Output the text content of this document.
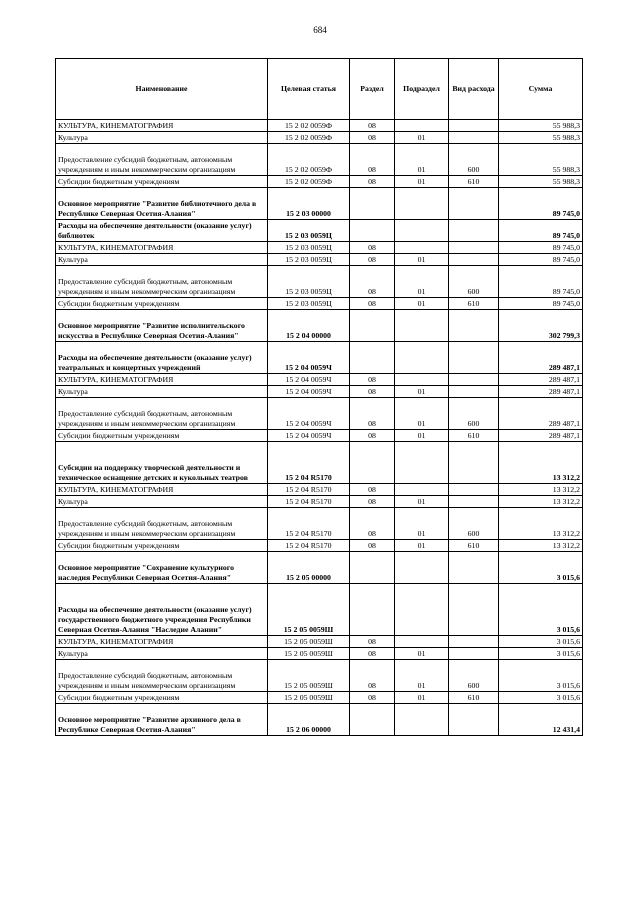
684
Наименование	Целевая статья	Раздел	Подраздел	Вид расхода	Сумма
КУЛЬТУРА, КИНЕМАТОГРАФИЯ	15 2 02 0059Ф	08			55 988,3
Культура	15 2 02 0059Ф	08	01		55 988,3
Предоставление субсидий бюджетным, автономным учреждениям и иным некоммерческим организациям	15 2 02 0059Ф	08	01	600	55 988,3
Субсидии бюджетным учреждениям	15 2 02 0059Ф	08	01	610	55 988,3
Основное мероприятие "Развитие библиотечного дела в Республике Северная Осетия-Алания"	15 2 03 00000				89 745,0
Расходы на обеспечение деятельности (оказание услуг) библиотек	15 2 03 0059Ц				89 745,0
КУЛЬТУРА, КИНЕМАТОГРАФИЯ	15 2 03 0059Ц	08			89 745,0
Культура	15 2 03 0059Ц	08	01		89 745,0
Предоставление субсидий бюджетным, автономным учреждениям и иным некоммерческим организациям	15 2 03 0059Ц	08	01	600	89 745,0
Субсидии бюджетным учреждениям	15 2 03 0059Ц	08	01	610	89 745,0
Основное мероприятие "Развитие исполнительского искусства в Республике Северная Осетия-Алания"	15 2 04 00000				302 799,3
Расходы на обеспечение деятельности (оказание услуг) театральных и концертных учреждений	15 2 04 0059Ч				289 487,1
КУЛЬТУРА, КИНЕМАТОГРАФИЯ	15 2 04 0059Ч	08			289 487,1
Культура	15 2 04 0059Ч	08	01		289 487,1
Предоставление субсидий бюджетным, автономным учреждениям и иным некоммерческим организациям	15 2 04 0059Ч	08	01	600	289 487,1
Субсидии бюджетным учреждениям	15 2 04 0059Ч	08	01	610	289 487,1
Субсидии на поддержку творческой деятельности и техническое оснащение детских и кукольных театров	15 2 04 R5170				13 312,2
КУЛЬТУРА, КИНЕМАТОГРАФИЯ	15 2 04 R5170	08			13 312,2
Культура	15 2 04 R5170	08	01		13 312,2
Предоставление субсидий бюджетным, автономным учреждениям и иным некоммерческим организациям	15 2 04 R5170	08	01	600	13 312,2
Субсидии бюджетным учреждениям	15 2 04 R5170	08	01	610	13 312,2
Основное мероприятие "Сохранение культурного наследия Республики Северная Осетия-Алания"	15 2 05 00000				3 015,6
Расходы на обеспечение деятельности (оказание услуг) государственного бюджетного учреждения Республики Северная Осетия-Алания "Наследие Алании"	15 2 05 0059Ш				3 015,6
КУЛЬТУРА, КИНЕМАТОГРАФИЯ	15 2 05 0059Ш	08			3 015,6
Культура	15 2 05 0059Ш	08	01		3 015,6
Предоставление субсидий бюджетным, автономным учреждениям и иным некоммерческим организациям	15 2 05 0059Ш	08	01	600	3 015,6
Субсидии бюджетным учреждениям	15 2 05 0059Ш	08	01	610	3 015,6
Основное мероприятие "Развитие архивного дела в Республике Северная Осетия-Алания"	15 2 06 00000				12 431,4
